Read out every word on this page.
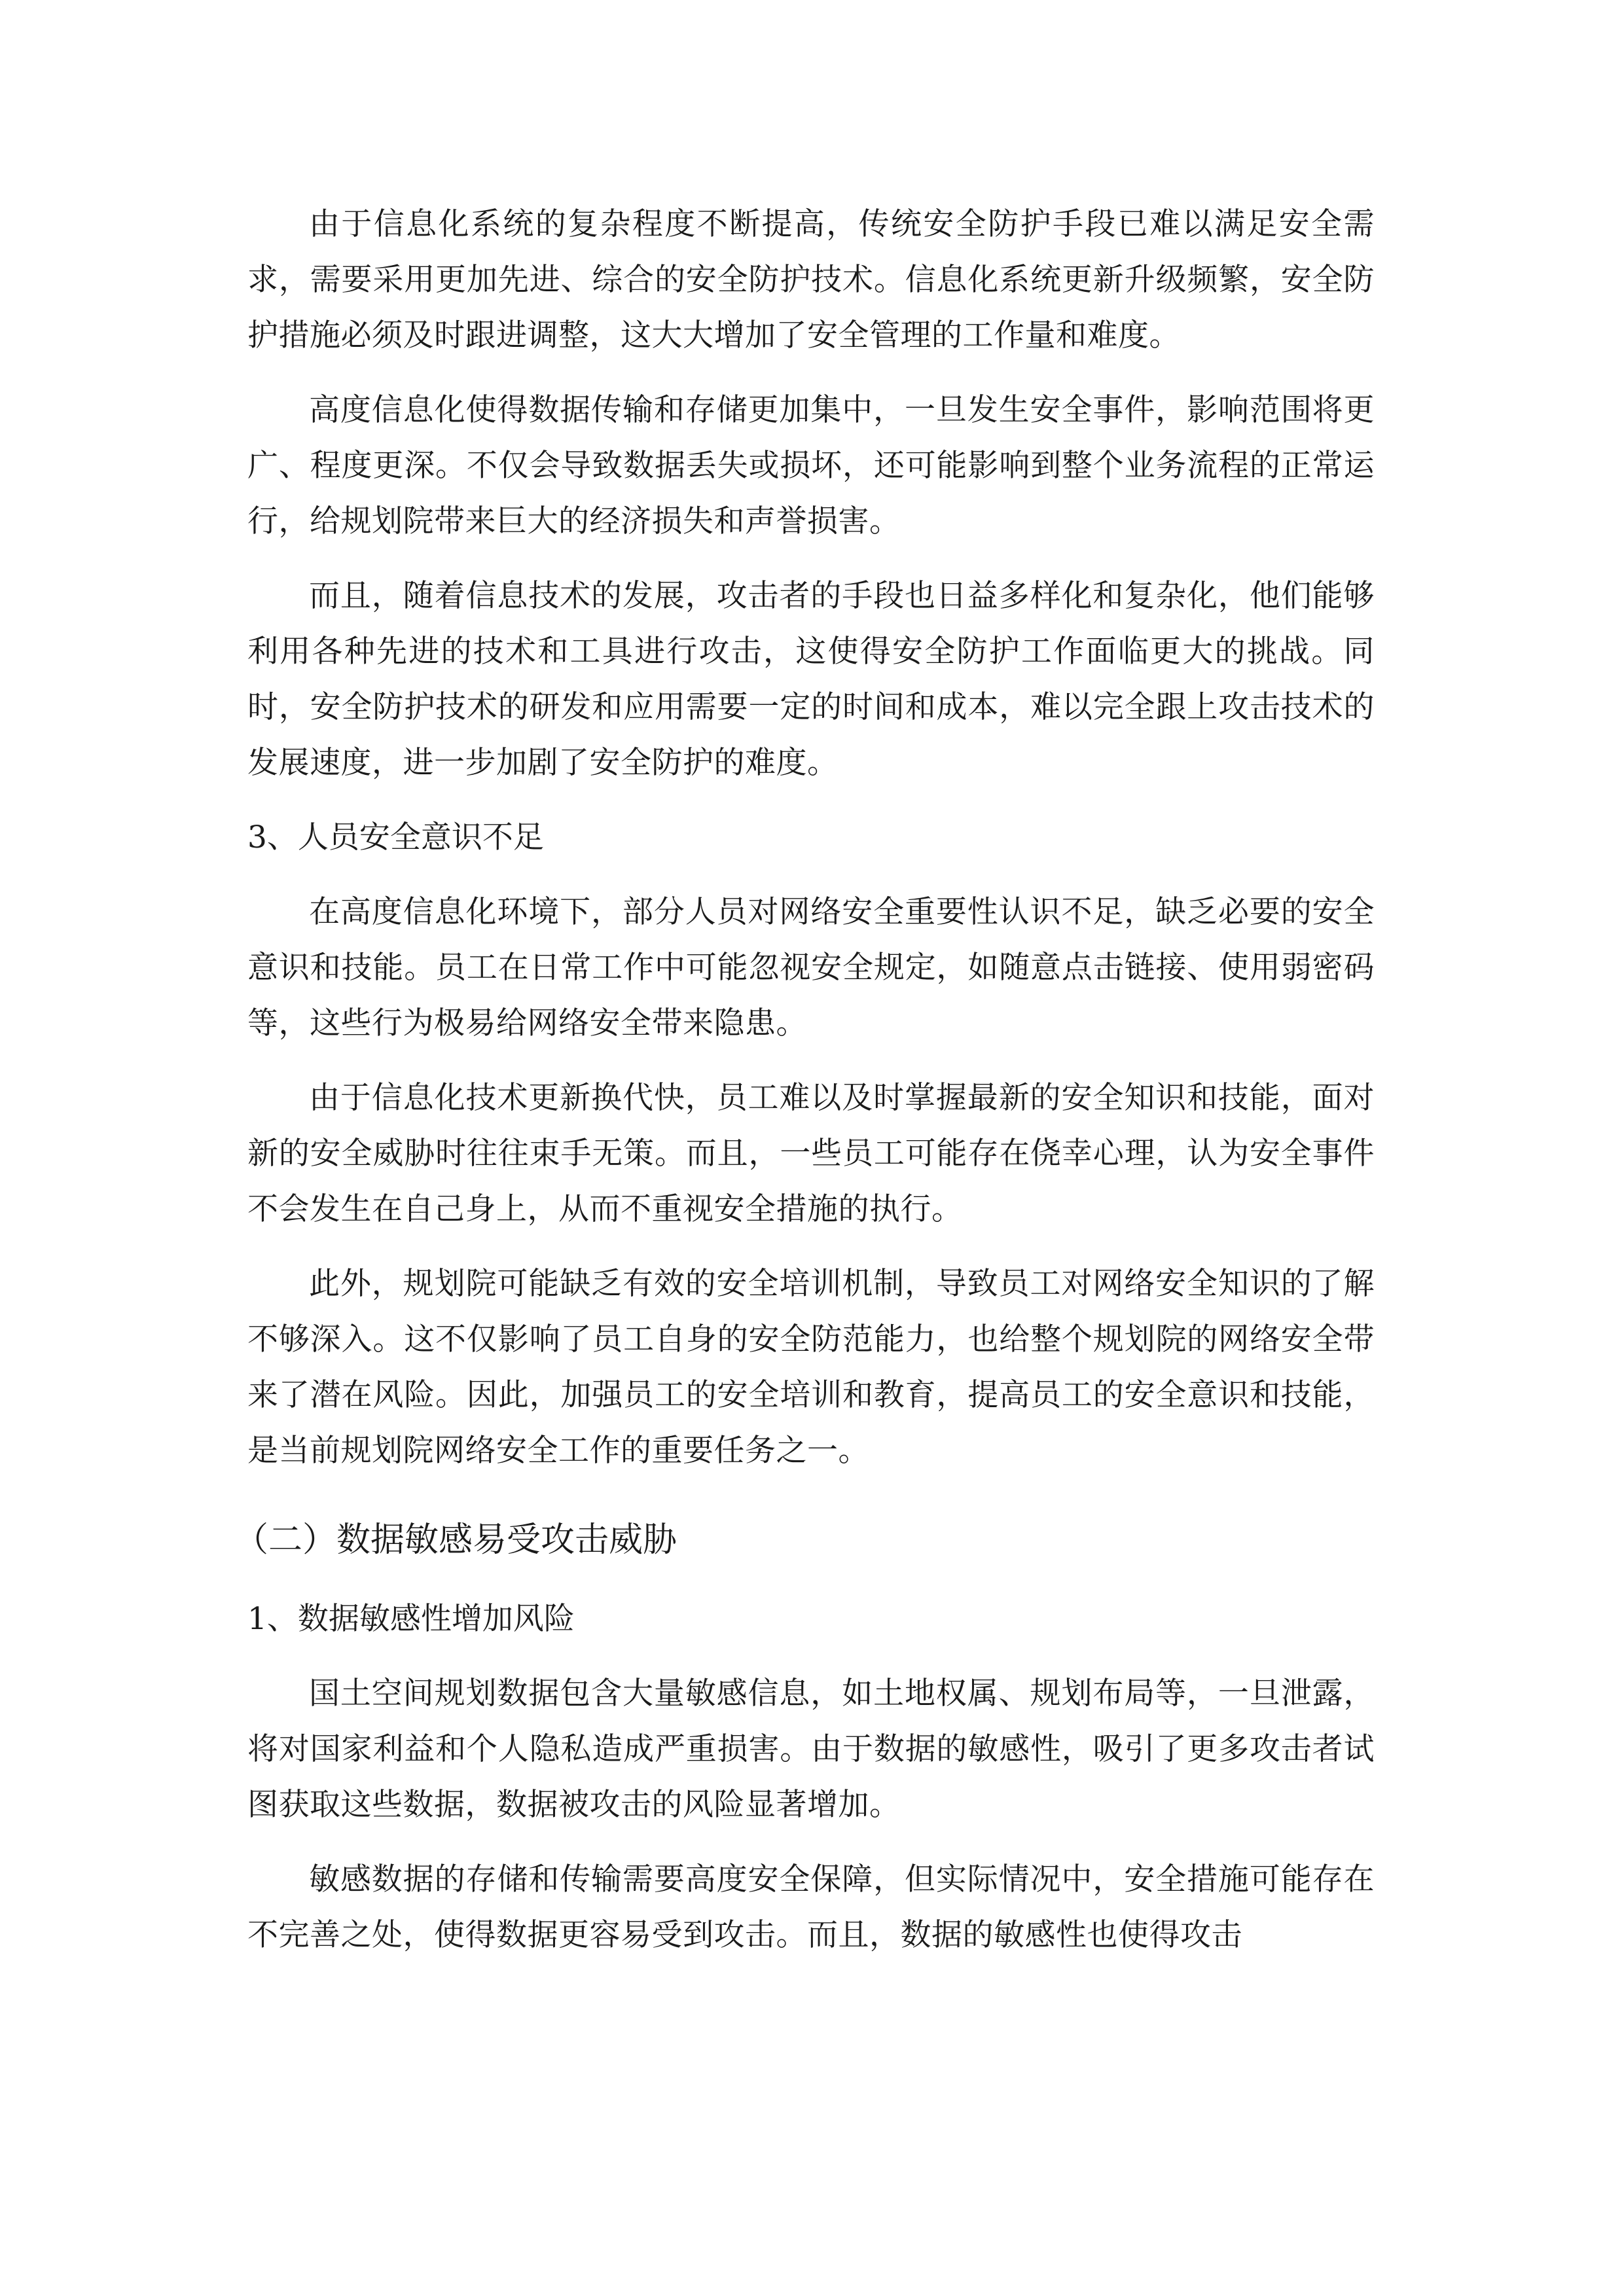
由于信息化系统的复杂程度不断提高，传统安全防护手段已难以满足安全需求，需要采用更加先进、综合的安全防护技术。信息化系统更新升级频繁，安全防护措施必须及时跟进调整，这大大增加了安全管理的工作量和难度。

高度信息化使得数据传输和存储更加集中，一旦发生安全事件，影响范围将更广、程度更深。不仅会导致数据丢失或损坏，还可能影响到整个业务流程的正常运行，给规划院带来巨大的经济损失和声誉损害。

而且，随着信息技术的发展，攻击者的手段也日益多样化和复杂化，他们能够利用各种先进的技术和工具进行攻击，这使得安全防护工作面临更大的挑战。同时，安全防护技术的研发和应用需要一定的时间和成本，难以完全跟上攻击技术的发展速度，进一步加剧了安全防护的难度。

3、人员安全意识不足

在高度信息化环境下，部分人员对网络安全重要性认识不足，缺乏必要的安全意识和技能。员工在日常工作中可能忽视安全规定，如随意点击链接、使用弱密码等，这些行为极易给网络安全带来隐患。

由于信息化技术更新换代快，员工难以及时掌握最新的安全知识和技能，面对新的安全威胁时往往束手无策。而且，一些员工可能存在侥幸心理，认为安全事件不会发生在自己身上，从而不重视安全措施的执行。

此外，规划院可能缺乏有效的安全培训机制，导致员工对网络安全知识的了解不够深入。这不仅影响了员工自身的安全防范能力，也给整个规划院的网络安全带来了潜在风险。因此，加强员工的安全培训和教育，提高员工的安全意识和技能，是当前规划院网络安全工作的重要任务之一。

（二）数据敏感易受攻击威胁

1、数据敏感性增加风险

国土空间规划数据包含大量敏感信息，如土地权属、规划布局等，一旦泄露，将对国家利益和个人隐私造成严重损害。由于数据的敏感性，吸引了更多攻击者试图获取这些数据，数据被攻击的风险显著增加。

敏感数据的存储和传输需要高度安全保障，但实际情况中，安全措施可能存在不完善之处，使得数据更容易受到攻击。而且，数据的敏感性也使得攻击
